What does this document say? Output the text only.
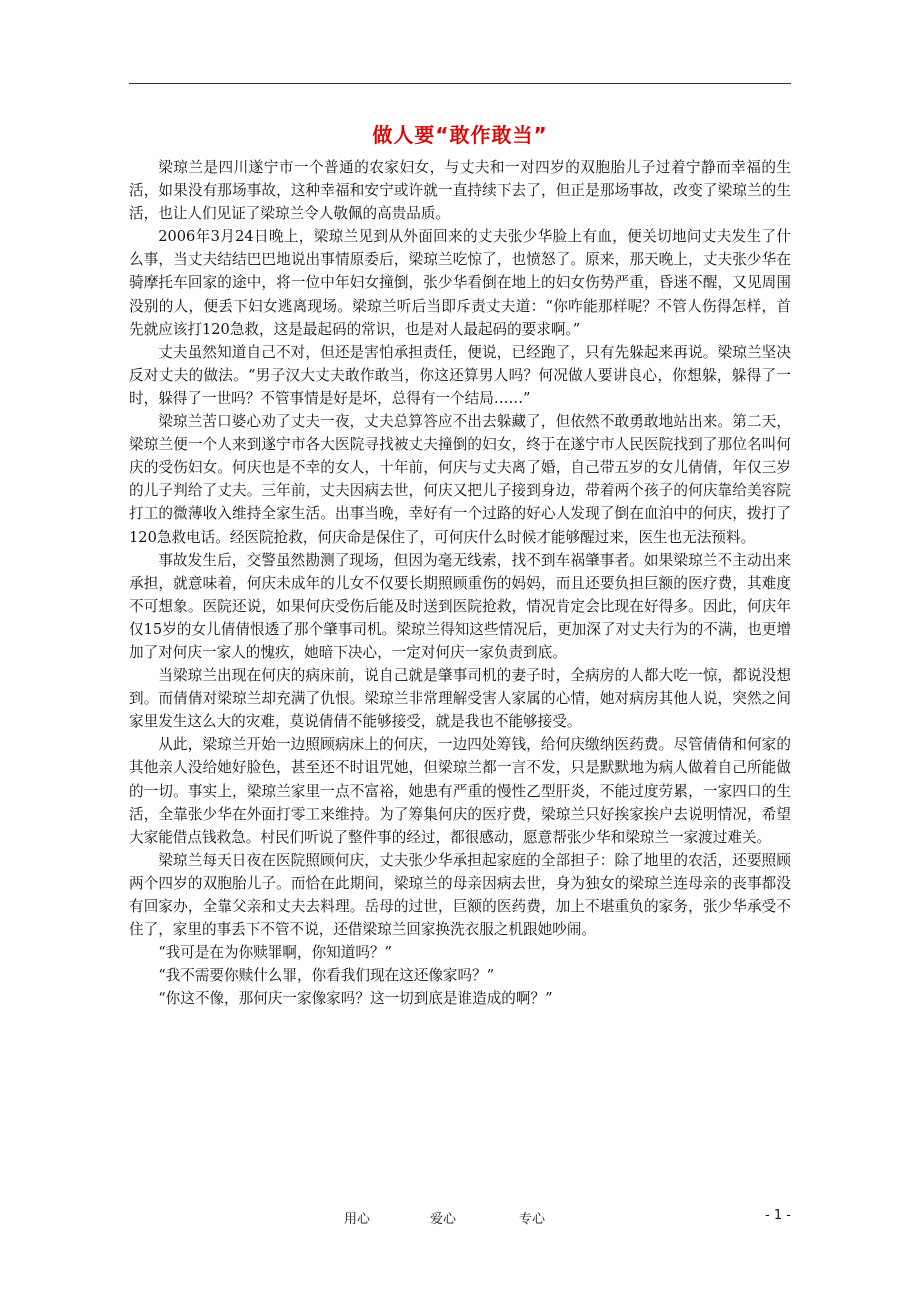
做人要“敢作敢当”

梁琼兰是四川遂宁市一个普通的农家妇女，与丈夫和一对四岁的双胞胎儿子过着宁静而幸福的生活，如果没有那场事故，这种幸福和安宁或许就一直持续下去了，但正是那场事故，改变了梁琼兰的生活，也让人们见证了梁琼兰令人敬佩的高贵品质。

2006年3月24日晚上，梁琼兰见到从外面回来的丈夫张少华脸上有血，便关切地问丈夫发生了什么事，当丈夫结结巴巴地说出事情原委后，梁琼兰吃惊了，也愤怒了。原来，那天晚上，丈夫张少华在骑摩托车回家的途中，将一位中年妇女撞倒，张少华看倒在地上的妇女伤势严重，昏迷不醒，又见周围没别的人，便丢下妇女逃离现场。梁琼兰听后当即斥责丈夫道：“你咋能那样呢？不管人伤得怎样，首先就应该打120急救，这是最起码的常识，也是对人最起码的要求啊。”

丈夫虽然知道自己不对，但还是害怕承担责任，便说，已经跑了，只有先躲起来再说。梁琼兰坚决反对丈夫的做法。“男子汉大丈夫敢作敢当，你这还算男人吗？何况做人要讲良心，你想躲，躲得了一时，躲得了一世吗？不管事情是好是坏，总得有一个结局……”

梁琼兰苦口婆心劝了丈夫一夜，丈夫总算答应不出去躲藏了，但依然不敢勇敢地站出来。第二天，梁琼兰便一个人来到遂宁市各大医院寻找被丈夫撞倒的妇女，终于在遂宁市人民医院找到了那位名叫何庆的受伤妇女。何庆也是不幸的女人，十年前，何庆与丈夫离了婚，自己带五岁的女儿倩倩，年仅三岁的儿子判给了丈夫。三年前，丈夫因病去世，何庆又把儿子接到身边，带着两个孩子的何庆靠给美容院打工的微薄收入维持全家生活。出事当晚，幸好有一个过路的好心人发现了倒在血泊中的何庆，拨打了120急救电话。经医院抢救，何庆命是保住了，可何庆什么时候才能够醒过来，医生也无法预料。

事故发生后，交警虽然勘测了现场，但因为毫无线索，找不到车祸肇事者。如果梁琼兰不主动出来承担，就意味着，何庆未成年的儿女不仅要长期照顾重伤的妈妈，而且还要负担巨额的医疗费，其难度不可想象。医院还说，如果何庆受伤后能及时送到医院抢救，情况肯定会比现在好得多。因此，何庆年仅15岁的女儿倩倩恨透了那个肇事司机。梁琼兰得知这些情况后，更加深了对丈夫行为的不满，也更增加了对何庆一家人的愧疚，她暗下决心，一定对何庆一家负责到底。

当梁琼兰出现在何庆的病床前，说自己就是肇事司机的妻子时，全病房的人都大吃一惊，都说没想到。而倩倩对梁琼兰却充满了仇恨。梁琼兰非常理解受害人家属的心情，她对病房其他人说，突然之间家里发生这么大的灾难，莫说倩倩不能够接受，就是我也不能够接受。

从此，梁琼兰开始一边照顾病床上的何庆，一边四处筹钱，给何庆缴纳医药费。尽管倩倩和何家的其他亲人没给她好脸色，甚至还不时诅咒她，但梁琼兰都一言不发，只是默默地为病人做着自己所能做的一切。事实上，梁琼兰家里一点不富裕，她患有严重的慢性乙型肝炎，不能过度劳累，一家四口的生活，全靠张少华在外面打零工来维持。为了筹集何庆的医疗费，梁琼兰只好挨家挨户去说明情况，希望大家能借点钱救急。村民们听说了整件事的经过，都很感动，愿意帮张少华和梁琼兰一家渡过难关。

梁琼兰每天日夜在医院照顾何庆，丈夫张少华承担起家庭的全部担子：除了地里的农活，还要照顾两个四岁的双胞胎儿子。而恰在此期间，梁琼兰的母亲因病去世，身为独女的梁琼兰连母亲的丧事都没有回家办，全靠父亲和丈夫去料理。岳母的过世，巨额的医药费，加上不堪重负的家务，张少华承受不住了，家里的事丢下不管不说，还借梁琼兰回家换洗衣服之机跟她吵闹。

“我可是在为你赎罪啊，你知道吗？”

“我不需要你赎什么罪，你看我们现在这还像家吗？”

“你这不像，那何庆一家像家吗？这一切到底是谁造成的啊？”

用心	爱心	专心	- 1 -
